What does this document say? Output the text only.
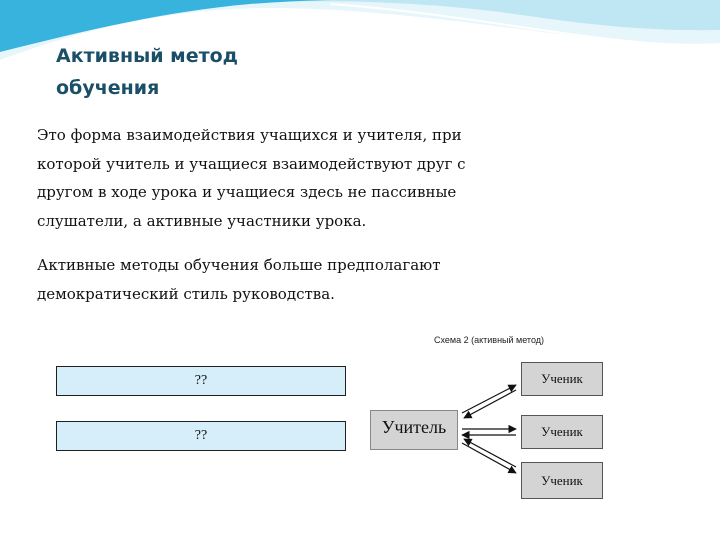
Активный метод
обучения
Это форма взаимодействия учащихся и учителя, при
которой учитель и учащиеся взаимодействуют друг с
другом в ходе урока и учащиеся здесь не пассивные
слушатели, а активные участники урока.
Активные методы обучения больше предполагают
демократический стиль руководства.
??
??
Схема 2 (активный метод)
Учитель
Ученик
Ученик
Ученик
